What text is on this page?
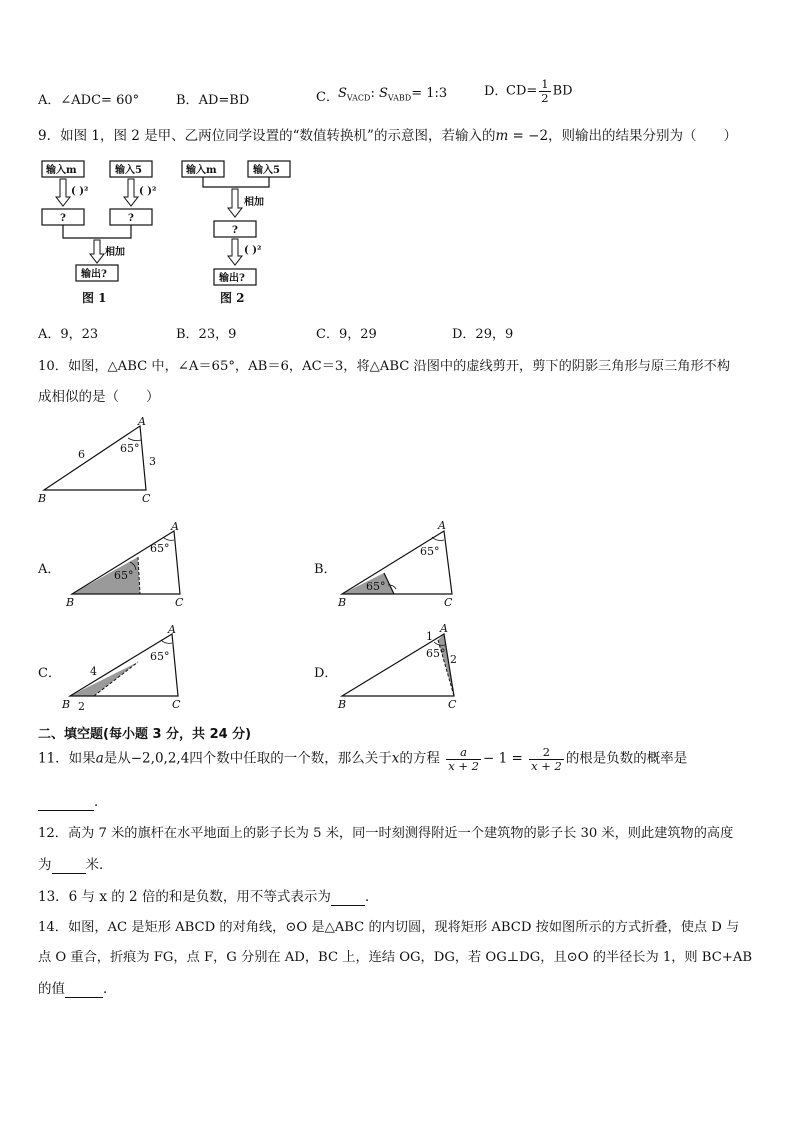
A．∠ADC= 60°	B．AD=BD	C．	D．
9．如图 1，图 2 是甲、乙两位同学设置的“数值转换机”的示意图，若输入的m = −2，则输出的结果分别为（　　）
输入m	输入5
( )²	( )²
?	?
相加
输出?
图 1
输入m	输入5
相加
?
( )²
输出?
图 2
A．9，23	B．23，9	C．9，29	D．29，9
10．如图，△ABC 中，∠A＝65°，AB＝6，AC＝3，将△ABC 沿图中的虚线剪开，剪下的阴影三角形与原三角形不构
成相似的是（　　）
A
B	C
6
3
65°
A．
A
B	C
65°
65°	B．
A
B	C
65°
65°
C．
A
B	C
65°
4
2
D．
A
B	C
1
2
65°
二、填空题(每小题 3 分，共 24 分)
11．如果a是从−2,0,2,4四个数中任取的一个数，那么关于x的方程 $\frac{a}{x + 2} - 1 = \frac{2}{x + 2}$ 的根是负数的概率是
．
12．高为 7 米的旗杆在水平地面上的影子长为 5 米，同一时刻测得附近一个建筑物的影子长 30 米，则此建筑物的高度
为	米．
13．6 与 x 的 2 倍的和是负数，用不等式表示为	．
14．如图，AC 是矩形 ABCD 的对角线，⊙O 是△ABC 的内切圆，现将矩形 ABCD 按如图所示的方式折叠，使点 D 与
点 O 重合，折痕为 FG，点 F，G 分别在 AD，BC 上，连结 OG，DG，若 OG⊥DG，且⊙O 的半径长为 1，则 BC+AB
的值	．
$S_{VACD}$: $S_{VABD}=$ 1:3	$CD= \frac{1}{2}$ BD
